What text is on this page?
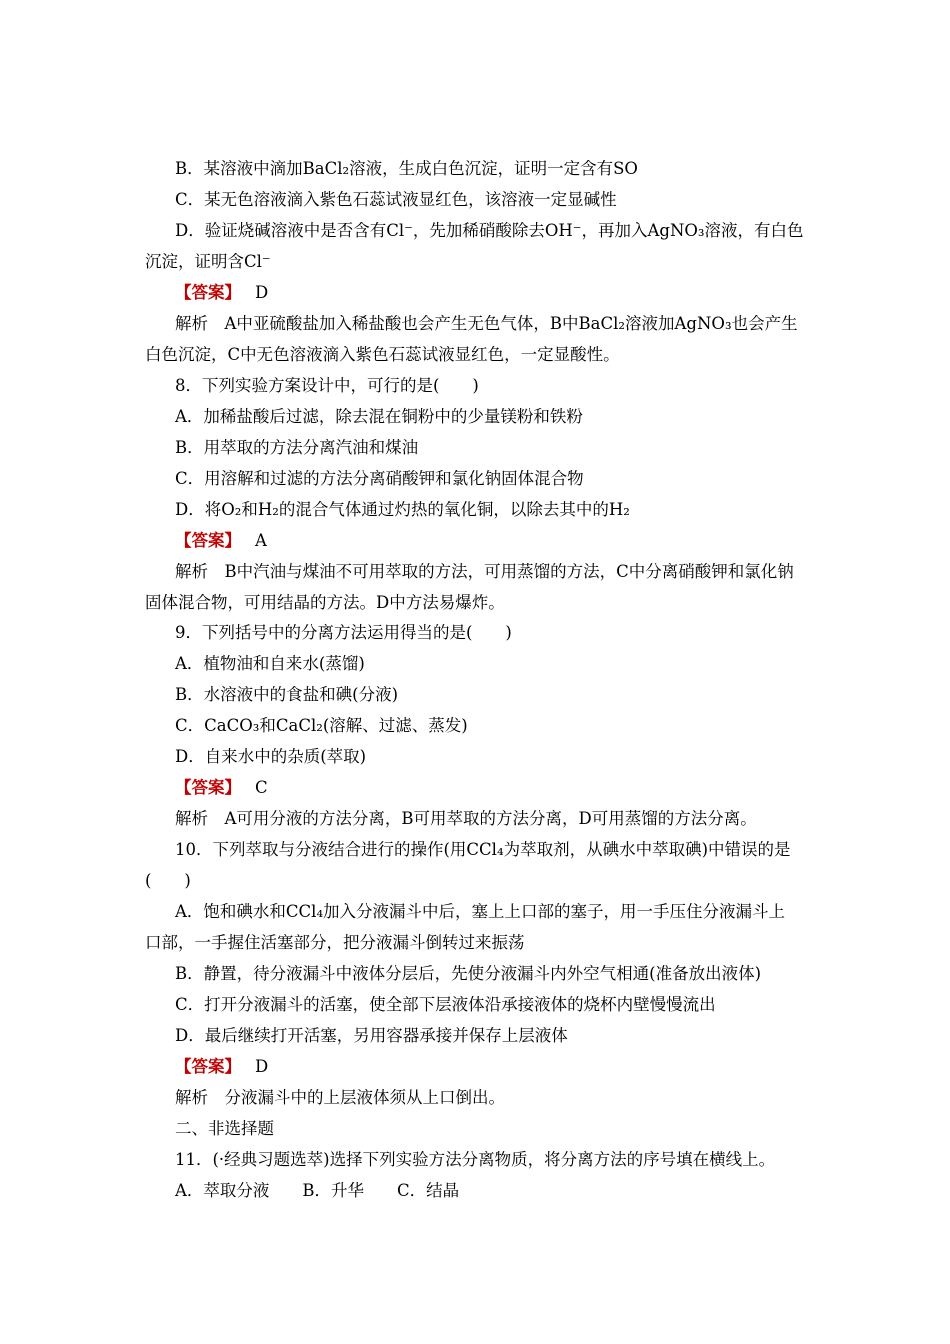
B．某溶液中滴加BaCl₂溶液，生成白色沉淀，证明一定含有SO
C．某无色溶液滴入紫色石蕊试液显红色，该溶液一定显碱性
D．验证烧碱溶液中是否含有Cl⁻，先加稀硝酸除去OH⁻，再加入AgNO₃溶液，有白色
沉淀，证明含Cl⁻
【答案】 D
解析　A中亚硫酸盐加入稀盐酸也会产生无色气体，B中BaCl₂溶液加AgNO₃也会产生
白色沉淀，C中无色溶液滴入紫色石蕊试液显红色，一定显酸性。
8．下列实验方案设计中，可行的是(　　)
A．加稀盐酸后过滤，除去混在铜粉中的少量镁粉和铁粉
B．用萃取的方法分离汽油和煤油
C．用溶解和过滤的方法分离硝酸钾和氯化钠固体混合物
D．将O₂和H₂的混合气体通过灼热的氧化铜，以除去其中的H₂
【答案】 A
解析　B中汽油与煤油不可用萃取的方法，可用蒸馏的方法，C中分离硝酸钾和氯化钠
固体混合物，可用结晶的方法。D中方法易爆炸。
9．下列括号中的分离方法运用得当的是(　　)
A．植物油和自来水(蒸馏)
B．水溶液中的食盐和碘(分液)
C．CaCO₃和CaCl₂(溶解、过滤、蒸发)
D．自来水中的杂质(萃取)
【答案】 C
解析　A可用分液的方法分离，B可用萃取的方法分离，D可用蒸馏的方法分离。
10．下列萃取与分液结合进行的操作(用CCl₄为萃取剂，从碘水中萃取碘)中错误的是
(　　)
A．饱和碘水和CCl₄加入分液漏斗中后，塞上上口部的塞子，用一手压住分液漏斗上
口部，一手握住活塞部分，把分液漏斗倒转过来振荡
B．静置，待分液漏斗中液体分层后，先使分液漏斗内外空气相通(准备放出液体)
C．打开分液漏斗的活塞，使全部下层液体沿承接液体的烧杯内壁慢慢流出
D．最后继续打开活塞，另用容器承接并保存上层液体
【答案】 D
解析　分液漏斗中的上层液体须从上口倒出。
二、非选择题
11．(·经典习题选萃)选择下列实验方法分离物质，将分离方法的序号填在横线上。
A．萃取分液　　B．升华　　C．结晶
